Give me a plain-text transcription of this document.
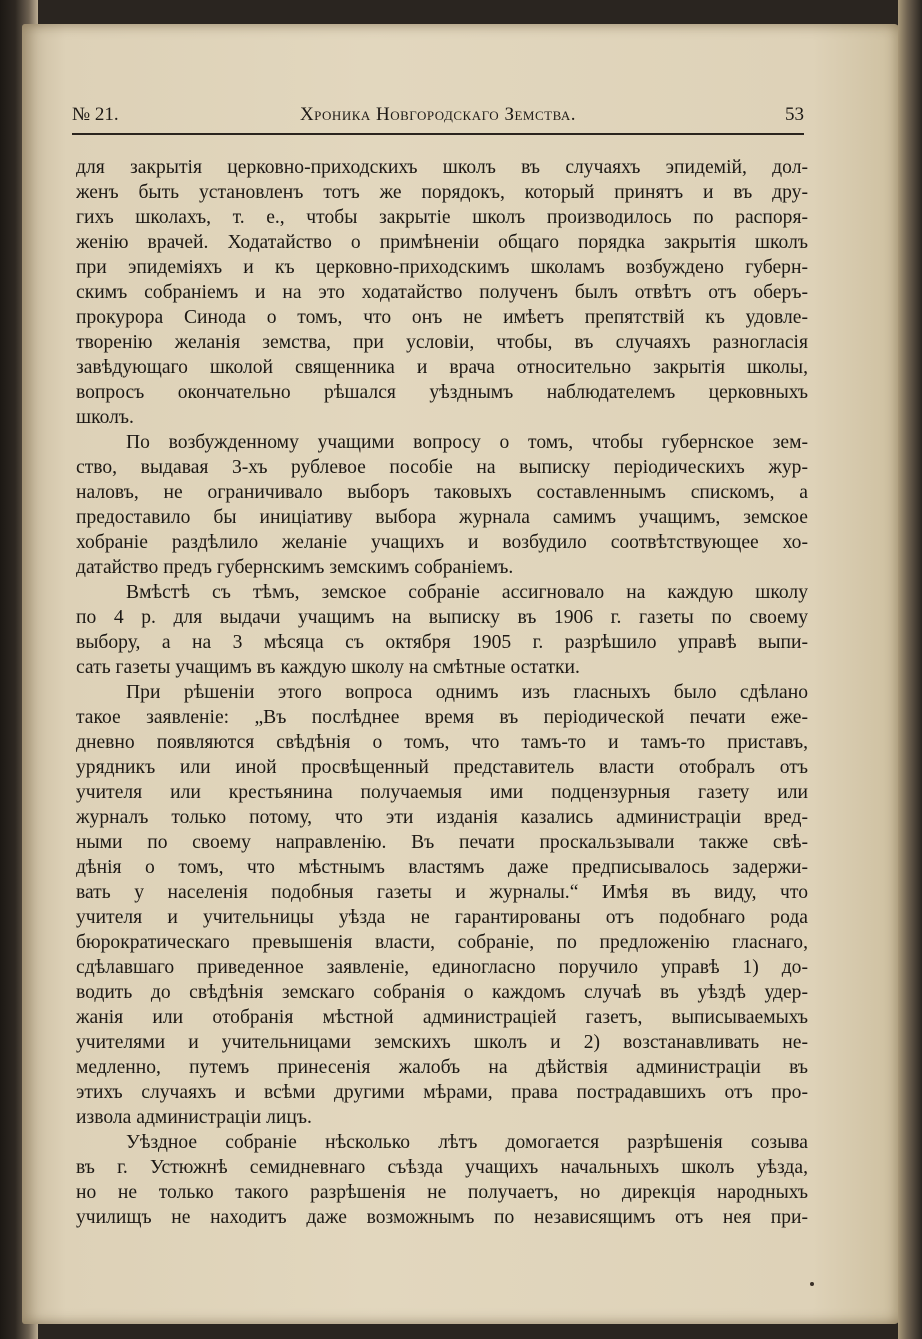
№ 21.	Хроника Новгородскаго Земства.	53
для закрытія церковно-приходскихъ школъ въ случаяхъ эпидемій, дол-
женъ быть установленъ тотъ же порядокъ, который принятъ и въ дру-
гихъ школахъ, т. е., чтобы закрытіе школъ производилось по распоря-
женію врачей. Ходатайство о примѣненіи общаго порядка закрытія школъ
при эпидеміяхъ и къ церковно-приходскимъ школамъ возбуждено губерн-
скимъ собраніемъ и на это ходатайство полученъ былъ отвѣтъ отъ оберъ-
прокурора Синода о томъ, что онъ не имѣетъ препятствій къ удовле-
творенію желанія земства, при условіи, чтобы, въ случаяхъ разногласія
завѣдующаго школой священника и врача относительно закрытія школы,
вопросъ окончательно рѣшался уѣзднымъ наблюдателемъ церковныхъ
школъ.
По возбужденному учащими вопросу о томъ, чтобы губернское зем-
ство, выдавая 3-хъ рублевое пособіе на выписку періодическихъ жур-
наловъ, не ограничивало выборъ таковыхъ составленнымъ спискомъ, а
предоставило бы иниціативу выбора журнала самимъ учащимъ, земское
хобраніе раздѣлило желаніе учащихъ и возбудило соотвѣтствующее хо-
датайство предъ губернскимъ земскимъ собраніемъ.
Вмѣстѣ съ тѣмъ, земское собраніе ассигновало на каждую школу
по 4 р. для выдачи учащимъ на выписку въ 1906 г. газеты по своему
выбору, а на 3 мѣсяца съ октября 1905 г. разрѣшило управѣ выпи-
сать газеты учащимъ въ каждую школу на смѣтные остатки.
При рѣшеніи этого вопроса однимъ изъ гласныхъ было сдѣлано
такое заявленіе: „Въ послѣднее время въ періодической печати еже-
дневно появляются свѣдѣнія о томъ, что тамъ-то и тамъ-то приставъ,
урядникъ или иной просвѣщенный представитель власти отобралъ отъ
учителя или крестьянина получаемыя ими подцензурныя газету или
журналъ только потому, что эти изданія казались администраціи вред-
ными по своему направленію. Въ печати проскальзывали также свѣ-
дѣнія о томъ, что мѣстнымъ властямъ даже предписывалось задержи-
вать у населенія подобныя газеты и журналы.“ Имѣя въ виду, что
учителя и учительницы уѣзда не гарантированы отъ подобнаго рода
бюрократическаго превышенія власти, собраніе, по предложенію гласнаго,
сдѣлавшаго приведенное заявленіе, единогласно поручило управѣ 1) до-
водить до свѣдѣнія земскаго собранія о каждомъ случаѣ въ уѣздѣ удер-
жанія или отобранія мѣстной администраціей газетъ, выписываемыхъ
учителями и учительницами земскихъ школъ и 2) возстанавливать не-
медленно, путемъ принесенія жалобъ на дѣйствія администраціи въ
этихъ случаяхъ и всѣми другими мѣрами, права пострадавшихъ отъ про-
извола администраціи лицъ.
Уѣздное собраніе нѣсколько лѣтъ домогается разрѣшенія созыва
въ г. Устюжнѣ семидневнаго съѣзда учащихъ начальныхъ школъ уѣзда,
но не только такого разрѣшенія не получаетъ, но дирекція народныхъ
училищъ не находитъ даже возможнымъ по независящимъ отъ нея при-
